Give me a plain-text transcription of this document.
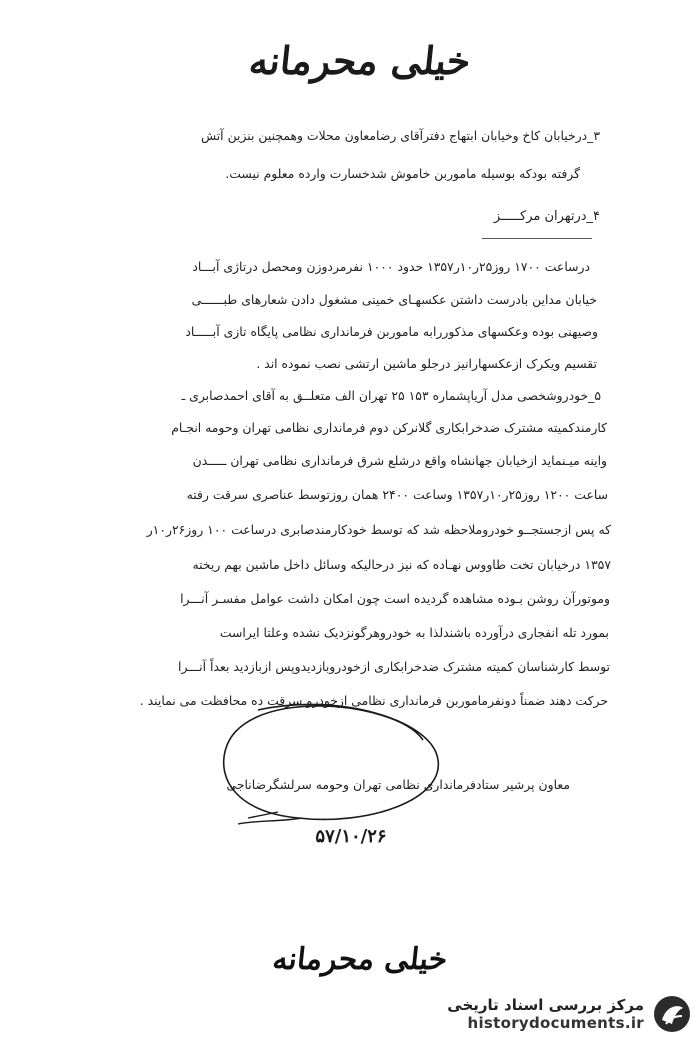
خیلی محرمانه
۳_درخیابان کاخ وخیابان ابتهاج دفترآقای رضامعاون محلات وهمچنین بنزین آتش
گرفته بودکه بوسیله ماموربن خاموش شدخسارت وارده معلوم نیست.
۴_درتهران مرکـــــز
درساعت ۱۷۰۰ روز۲۵ر۱۰ر۱۳۵۷ حدود ۱۰۰۰ نفرمردوزن ومحصل درتاژی آبـــاد
خیابان مداین بادرست داشتن عکسهـای خمینی مشغول دادن شعارهای طبــــــی
وصیهنی بوده وعکسهای مذکوررابه ماموربن فرمانداری نظامی پایگاه تازی آبـــــاد
تقسیم ویکرک ازعکسهارانیز درجلو ماشین ارتشی نصب نموده اند .
۵_خودروشخصی مدل آریاپشماره ۱۵۳ ۲۵ تهران الف متعلــق به آقای احمدصابری ـ
کارمندکمیته مشترک ضدخرابکاری گلانرکن دوم فرمانداری نظامی تهران وحومه انجـام
واینه میـنماید ازخیابان جهانشاه واقع درشلع شرق فرمانداری نظامی تهران ـــــدن
ساعت ۱۲۰۰ روز۲۵ر۱۰ر۱۳۵۷ وساعت ۲۴۰۰ همان روزتوسط عناصری سرقت رفته
که پس ازجستجــو خودروملاحظه شد که توسط خودکارمندصابری درساعت ۱۰۰ روز۲۶ر۱۰ر
۱۳۵۷ درخیابان تخت طاووس نهـاده که نیز درحالیکه وسائل داخل ماشین بهم ریخته
وموتورآن روشن بـوده مشاهده گردیده است چون امکان داشت عوامل مفسـر آنـــرا
بمورد تله انفجاری درآورده باشندلذا به خودروهرگونزدیک نشده وعلتا ایراست
توسط کارشناسان کمیته مشترک ضدخرابکاری ازخودروبازدیدوپس ازبازدید بعداً آنـــرا
حرکت دهند ضمناً دونفرماموربن فرمانداری نظامی ازخودرو سرقت ده محافظت می نمایند .
معاون پرشیر ستادفرمانداری نظامی تهران وحومه سرلشگرضاناجی
۵۷/۱۰/۲۶
خیلی محرمانه
مرکز بررسی اسناد تاریخی
historydocuments.ir
